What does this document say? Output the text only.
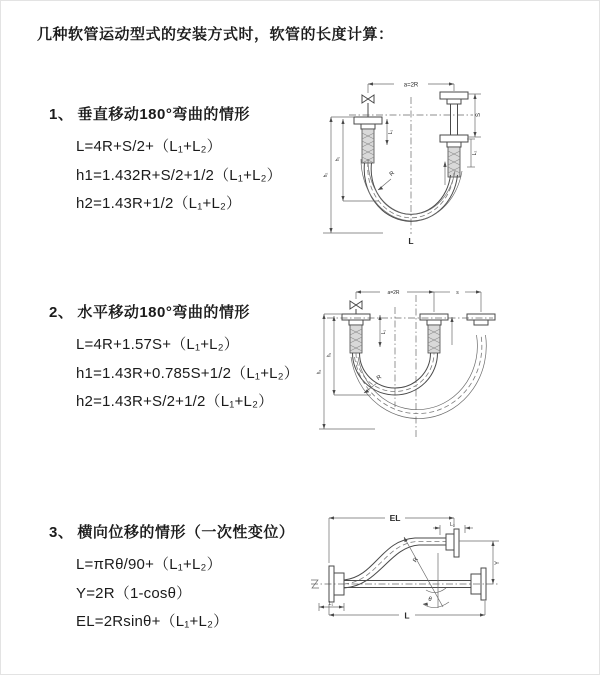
几种软管运动型式的安装方式时，软管的长度计算：
1、 垂直移动180°弯曲的情形
L=4R+S/2+（L₁+L₂）
h1=1.432R+S/2+1/2（L₁+L₂）
h2=1.43R+1/2（L₁+L₂）
2、 水平移动180°弯曲的情形
L=4R+1.57S+（L₁+L₂）
h1=1.43R+0.785S+1/2（L₁+L₂）
h2=1.43R+S/2+1/2（L₁+L₂）
3、 横向位移的情形（一次性变位）
L=πRθ/90+（L₁+L₂）
Y=2R（1-cosθ）
EL=2Rsinθ+（L₁+L₂）
a=2R
S
L₂
L₁
h₂
h₁
R
L
a=2R	s
L₁
h₂
h₁
R
EL
L₂
Y
θ
R
L
L₁
